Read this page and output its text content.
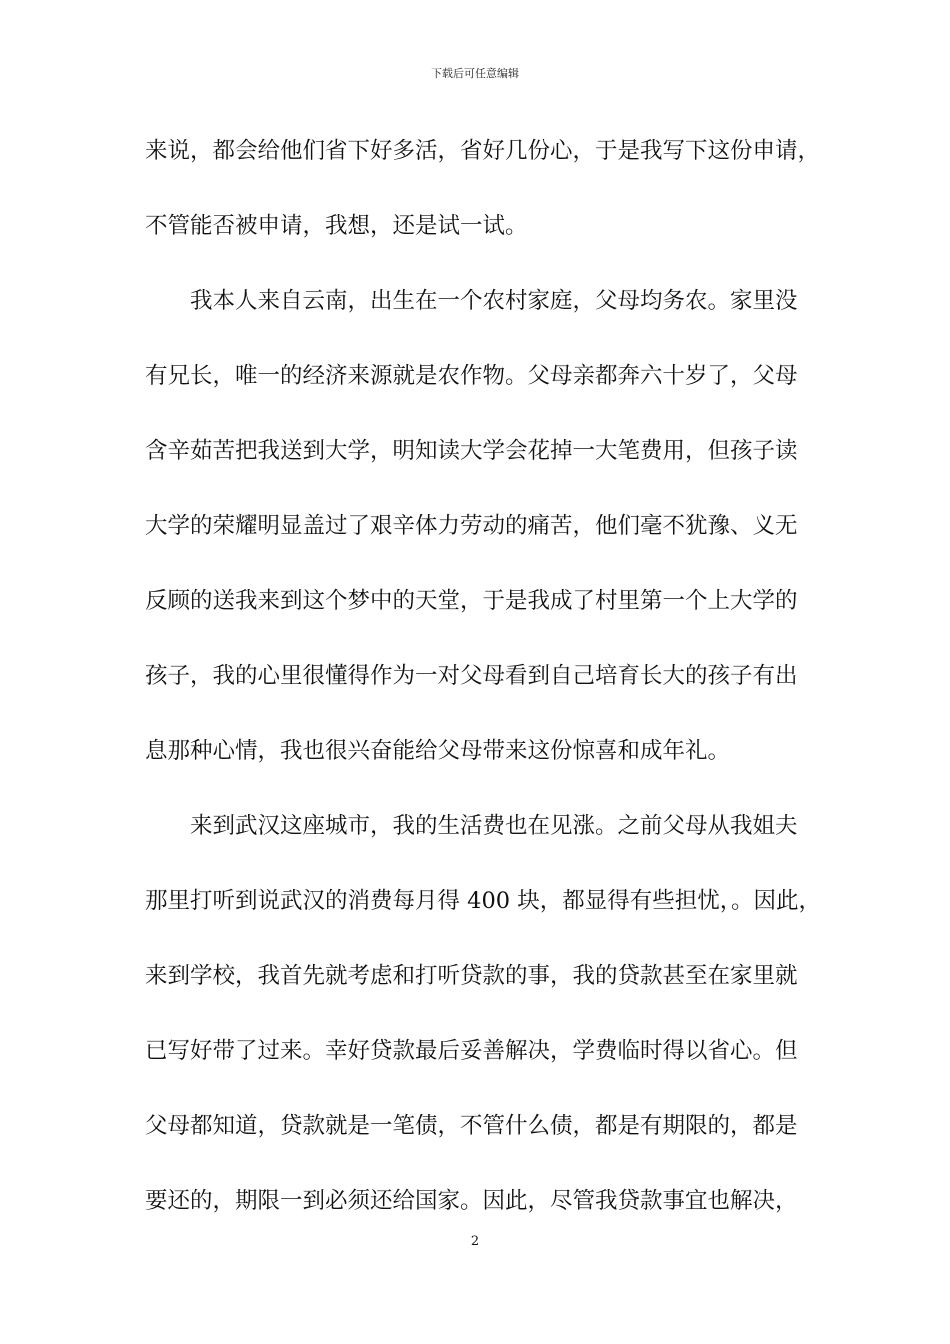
下载后可任意编辑
来说，都会给他们省下好多活，省好几份心，于是我写下这份申请，
不管能否被申请，我想，还是试一试。
我本人来自云南，出生在一个农村家庭，父母均务农。家里没
有兄长，唯一的经济来源就是农作物。父母亲都奔六十岁了，父母
含辛茹苦把我送到大学，明知读大学会花掉一大笔费用，但孩子读
大学的荣耀明显盖过了艰辛体力劳动的痛苦，他们毫不犹豫、义无
反顾的送我来到这个梦中的天堂，于是我成了村里第一个上大学的
孩子，我的心里很懂得作为一对父母看到自己培育长大的孩子有出
息那种心情，我也很兴奋能给父母带来这份惊喜和成年礼。
来到武汉这座城市，我的生活费也在见涨。之前父母从我姐夫
那里打听到说武汉的消费每月得 400 块，都显得有些担忧，。因此，
来到学校，我首先就考虑和打听贷款的事，我的贷款甚至在家里就
已写好带了过来。幸好贷款最后妥善解决，学费临时得以省心。但
父母都知道，贷款就是一笔债，不管什么债，都是有期限的，都是
要还的，期限一到必须还给国家。因此，尽管我贷款事宜也解决，
2
